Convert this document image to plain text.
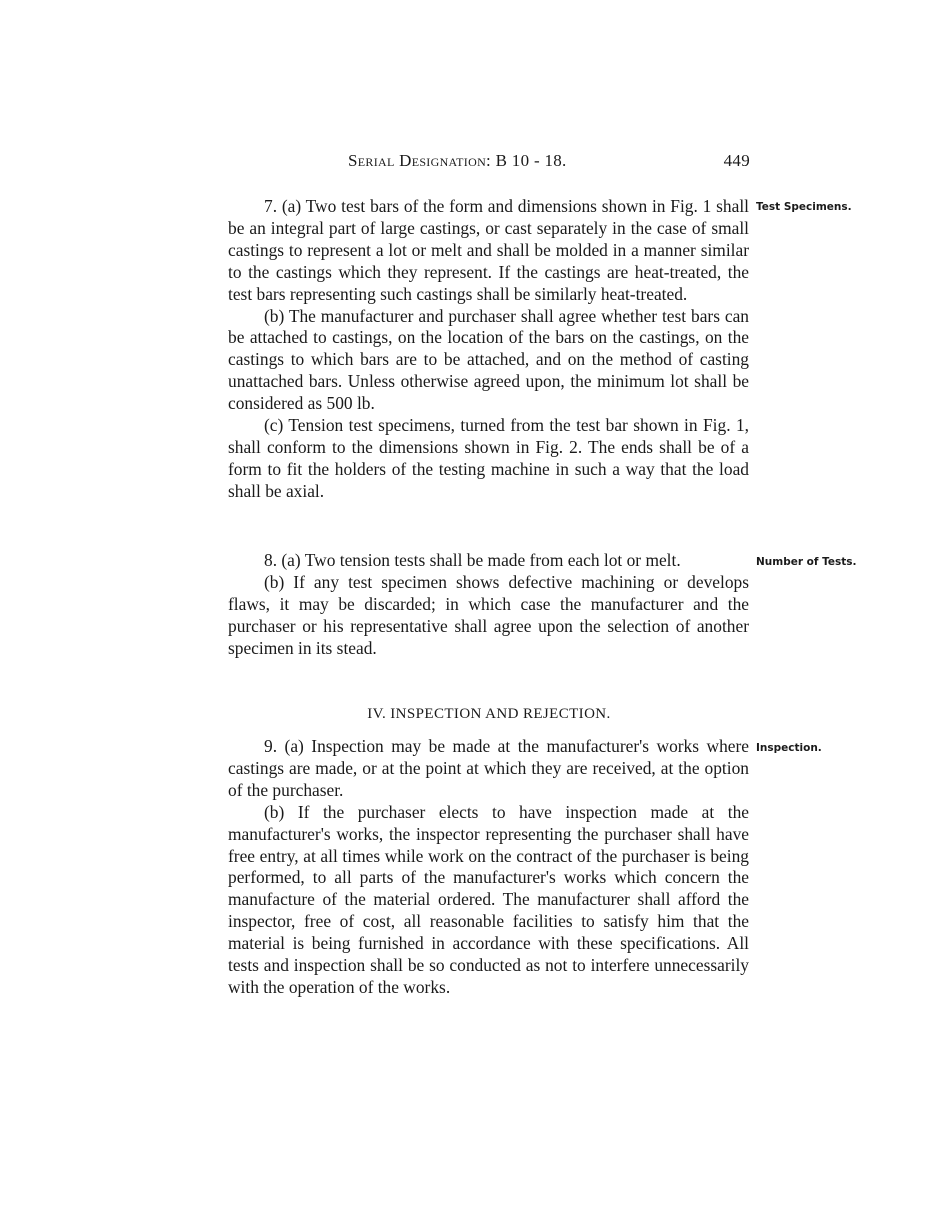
Serial Designation: B 10 - 18.	449

7. (a) Two test bars of the form and dimensions shown in Fig. 1 shall be an integral part of large castings, or cast separately in the case of small castings to represent a lot or melt and shall be molded in a manner similar to the castings which they represent. If the castings are heat-treated, the test bars representing such castings shall be similarly heat-treated.

(b) The manufacturer and purchaser shall agree whether test bars can be attached to castings, on the location of the bars on the castings, on the castings to which bars are to be attached, and on the method of casting unattached bars. Unless otherwise agreed upon, the minimum lot shall be considered as 500 lb.

(c) Tension test specimens, turned from the test bar shown in Fig. 1, shall conform to the dimensions shown in Fig. 2. The ends shall be of a form to fit the holders of the testing machine in such a way that the load shall be axial.

Test Specimens.

8. (a) Two tension tests shall be made from each lot or melt.

(b) If any test specimen shows defective machining or develops flaws, it may be discarded; in which case the manufacturer and the purchaser or his representative shall agree upon the selection of another specimen in its stead.

Number of Tests.
IV. INSPECTION AND REJECTION.

9. (a) Inspection may be made at the manufacturer's works where castings are made, or at the point at which they are received, at the option of the purchaser.

(b) If the purchaser elects to have inspection made at the manufacturer's works, the inspector representing the purchaser shall have free entry, at all times while work on the contract of the purchaser is being performed, to all parts of the manufacturer's works which concern the manufacture of the material ordered. The manufacturer shall afford the inspector, free of cost, all reasonable facilities to satisfy him that the material is being furnished in accordance with these specifications. All tests and inspection shall be so conducted as not to interfere unnecessarily with the operation of the works.

Inspection.
